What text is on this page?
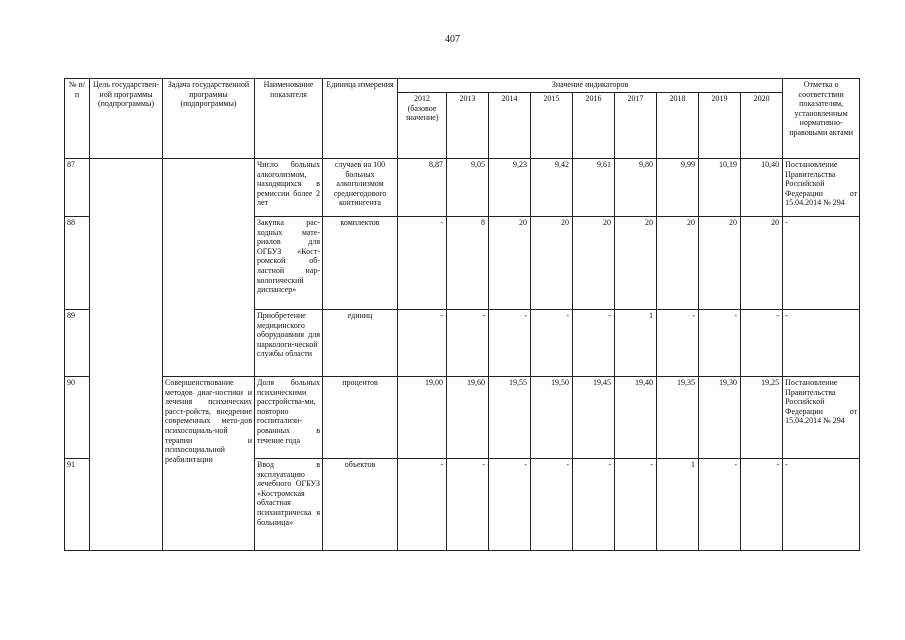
407
№ п/п	Цель государствен-ной программы (подпрограммы)	Задача государственной программы (подпрограммы)	Наименование показателя	Единица измерения	Значение индикаторов									Отметка о соответствии показателям, установленным нормативно-правовыми актами
					2012 (базовое значение)	2013	2014	2015	2016	2017	2018	2019	2020	
87			Число больных алкоголизмом, находящихся в ремиссии более 2 лет	случаев на 100 больных алкоголизмом среднегодового контингента	8,87	9,05	9,23	9,42	9,61	9,80	9,99	10,19	10,40	Постановление Правительства Российской Федерации от 15.04.2014 № 294
88			Закупка рас-ходных мате-риалов для ОГБУЗ «Кост-ромской об-ластной нар-кологический диспансер»	комплектов	-	8	20	20	20	20	20	20	20	-
89			Приобретение медицинского оборудоавния для наркологи-ческой службы области	единиц	-	-	-	-	-	1	-	-	-	-
90		Совершенствование методов диаг-ностики и лечения психических расст-ройств, внедрение современных мето-дов психосоциаль-ной терапии и психосоциальной реабилитации	Доля больных психическими расстройства-ми, повторно госпитализи-рованных в течение года	процентов	19,00	19,60	19,55	19,50	19,45	19,40	19,35	19,30	19,25	Постановление Правительства Российской Федерации от 15.04.2014 № 294
91			Ввод в эксплуатацию лечебного ОГБУЗ «Костромская областная психиатрическа я больница»	объектов	-	-	-	-	-	-	1	-	-	-
